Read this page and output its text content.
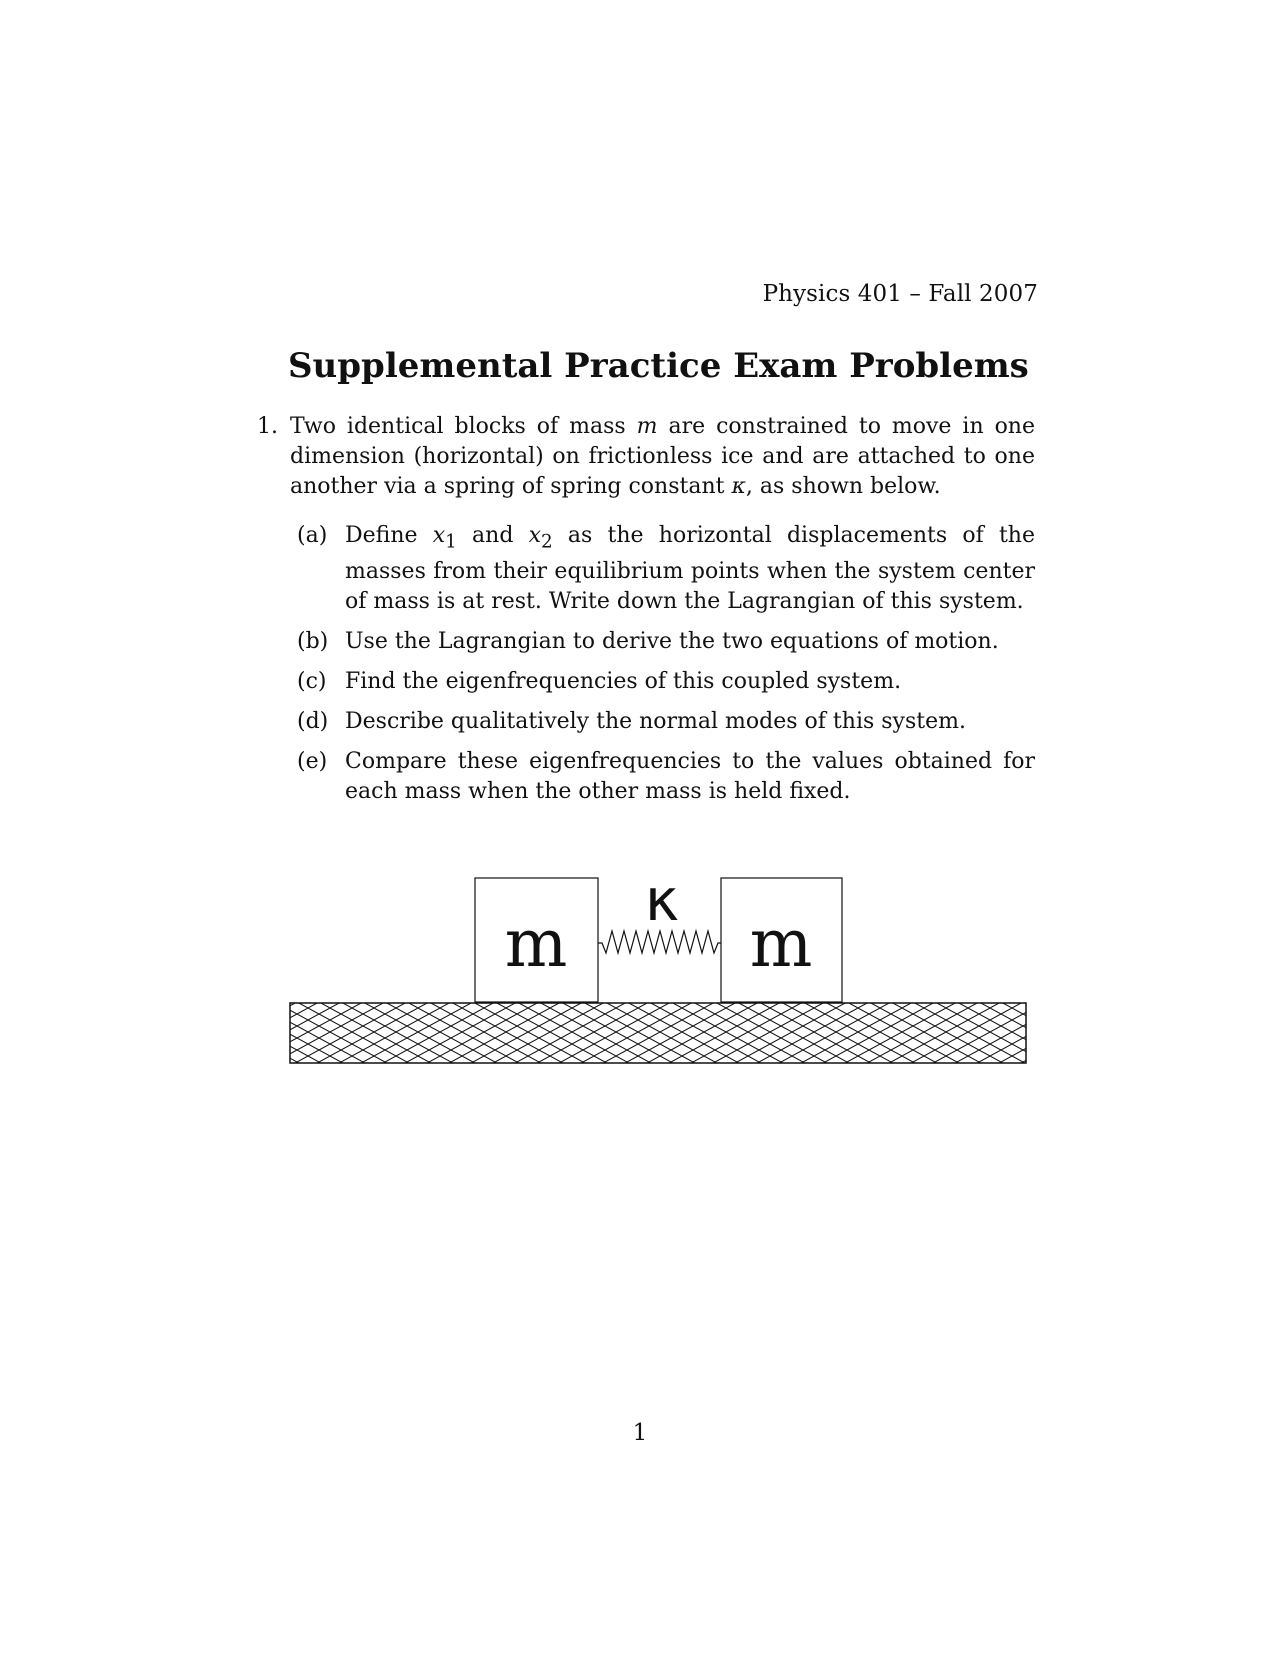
Physics 401 – Fall 2007
Supplemental Practice Exam Problems
1. Two identical blocks of mass m are constrained to move in one dimension (horizontal) on frictionless ice and are attached to one another via a spring of spring constant κ, as shown below.
(a) Define $x_1$ and $x_2$ as the horizontal displacements of the masses from their equilibrium points when the system center of mass is at rest. Write down the Lagrangian of this system.
(b) Use the Lagrangian to derive the two equations of motion.
(c) Find the eigenfrequencies of this coupled system.
(d) Describe qualitatively the normal modes of this system.
(e) Compare these eigenfrequencies to the values obtained for each mass when the other mass is held fixed.
m	m
κ
1
